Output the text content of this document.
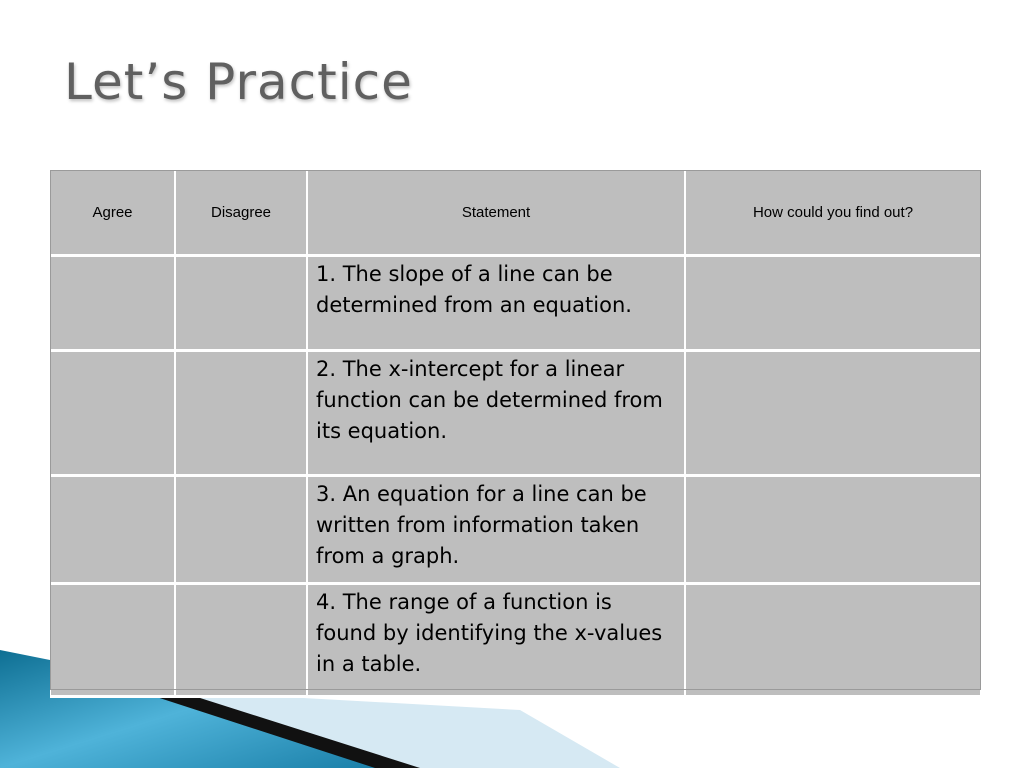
Let’s Practice
Agree	Disagree	Statement	How could you find out?
		1. The slope of a line can be determined from an equation.	
		2. The x-intercept for a linear function can be determined from its equation.	
		3. An equation for a line can be written from information taken from a graph.	
		4. The range of a function is found by identifying the x-values in a table.	
